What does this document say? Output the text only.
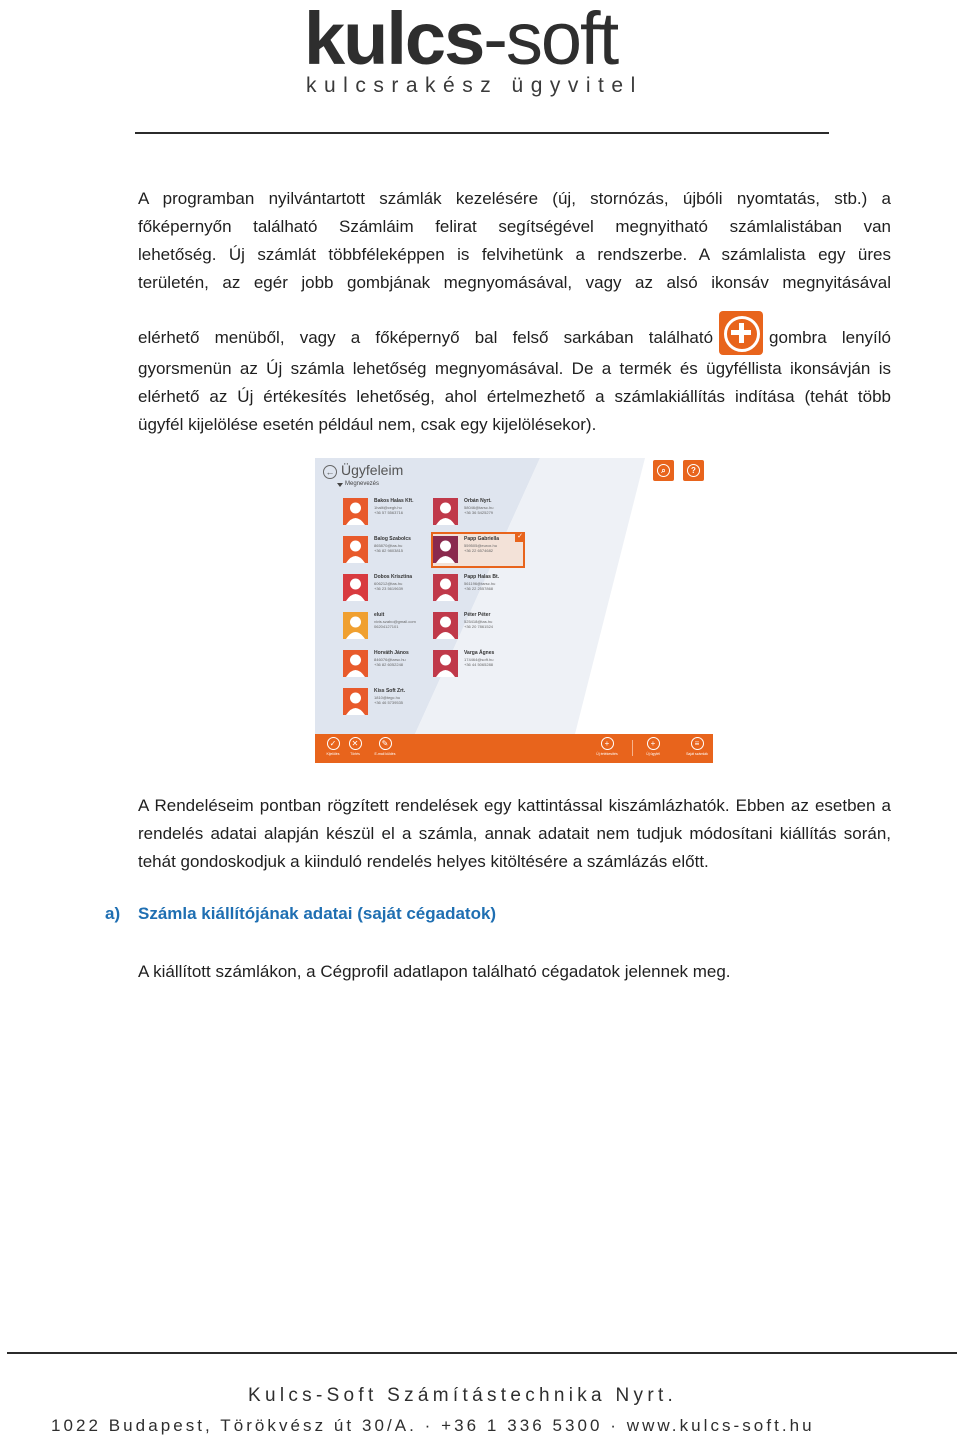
kulcs-soft
kulcsrakész ügyvitel
A programban nyilvántartott számlák kezelésére (új, stornózás, újbóli nyomtatás, stb.) a
főképernyőn található Számláim felirat segítségével megnyitható számlalistában van
lehetőség. Új számlát többféleképpen is felvihetünk a rendszerbe. A számlalista egy üres
területén, az egér jobb gombjának megnyomásával, vagy az alsó ikonsáv megnyitásával
elérhető menüből, vagy a főképernyő bal felső sarkában található	gombra lenyíló
gyorsmenün az Új számla lehetőség megnyomásával. De a termék és ügyféllista ikonsávján is
elérhető az Új értékesítés lehetőség, ahol értelmezhető a számlakiállítás indítása (tehát több
ügyfél kijelölése esetén például nem, csak egy kijelölésekor).
← Ügyfeleim
Megnevezés
⌕	?
Bakos Halas Kft.
1halit@cegh.hu
+36 57 5563716
Orbán Nyrt.
58046@tarsc.hu
+36 36 5425279
Balog Szabolcs
865870@tas.hu
+36 82 9803815
Papp Gabriella
559505@eurox.hu
+36 22 6574682
✓
Dobos Krisztina
606212@tas.hu
+36 23 5619639
Papp Halas Bt.
561196@tarsc.hu
+36 22 2557868
eluit
vivis.szabo@gmail.com
06204127101
Péter Péter
525418@tas.hu
+36 20 7861524
Horváth János
846076@tarsc.hu
+36 82 6052248
Varga Ágnes
174464@soft.hu
+36 44 5065288
Kiss Soft Zrt.
1810@tegc.hu
+36 46 5739535
✓
Kijelölés
✕
Törlés
✎
E-mail küldés
+
Új értékesítés
+
Új ügyfél
≡
Saját számlák
A Rendeléseim pontban rögzített rendelések egy kattintással kiszámlázhatók. Ebben az esetben a rendelés adatai alapján készül el a számla, annak adatait nem tudjuk módosítani kiállítás során, tehát gondoskodjuk a kiinduló rendelés helyes kitöltésére a számlázás előtt.
a) Számla kiállítójának adatai (saját cégadatok)
A kiállított számlákon, a Cégprofil adatlapon található cégadatok jelennek meg.
Kulcs-Soft Számítástechnika Nyrt.
1022 Budapest, Törökvész út 30/A. · +36 1 336 5300 · www.kulcs-soft.hu
